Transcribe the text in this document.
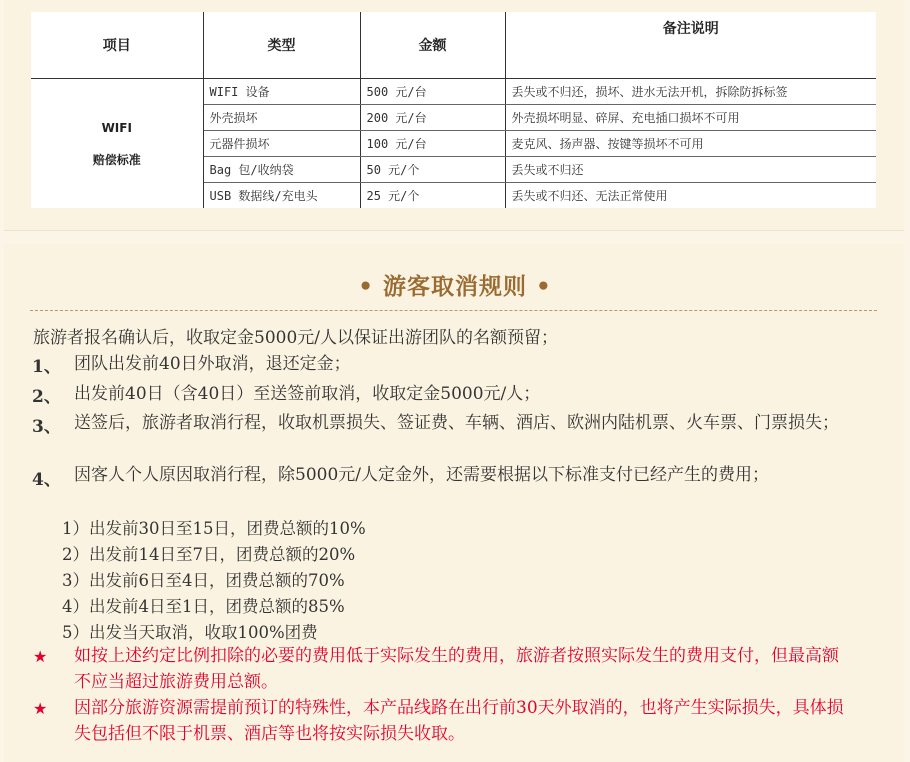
项目	类型	金额	备注说明

WIFI
赔偿标准	WIFI 设备	500 元/台	丢失或不归还，损坏、进水无法开机，拆除防拆标签
	外壳损坏	200 元/台	外壳损坏明显、碎屏、充电插口损坏不可用
	元器件损坏	100 元/台	麦克风、扬声器、按键等损坏不可用
	Bag 包/收纳袋	50 元/个	丢失或不归还
	USB 数据线/充电头	25 元/个	丢失或不归还、无法正常使用
• 游客取消规则 •
旅游者报名确认后，收取定金5000元/人以保证出游团队的名额预留；
1、 团队出发前40日外取消，退还定金；
2、 出发前40日（含40日）至送签前取消，收取定金5000元/人；
3、 送签后，旅游者取消行程，收取机票损失、签证费、车辆、酒店、欧洲内陆机票、火车票、门票损失；
4、 因客人个人原因取消行程，除5000元/人定金外，还需要根据以下标准支付已经产生的费用；
1）出发前30日至15日，团费总额的10%
2）出发前14日至7日，团费总额的20%
3）出发前6日至4日，团费总额的70%
4）出发前4日至1日，团费总额的85%
5）出发当天取消，收取100%团费
★ 如按上述约定比例扣除的必要的费用低于实际发生的费用，旅游者按照实际发生的费用支付，但最高额不应当超过旅游费用总额。
★ 因部分旅游资源需提前预订的特殊性，本产品线路在出行前30天外取消的，也将产生实际损失，具体损失包括但不限于机票、酒店等也将按实际损失收取。
